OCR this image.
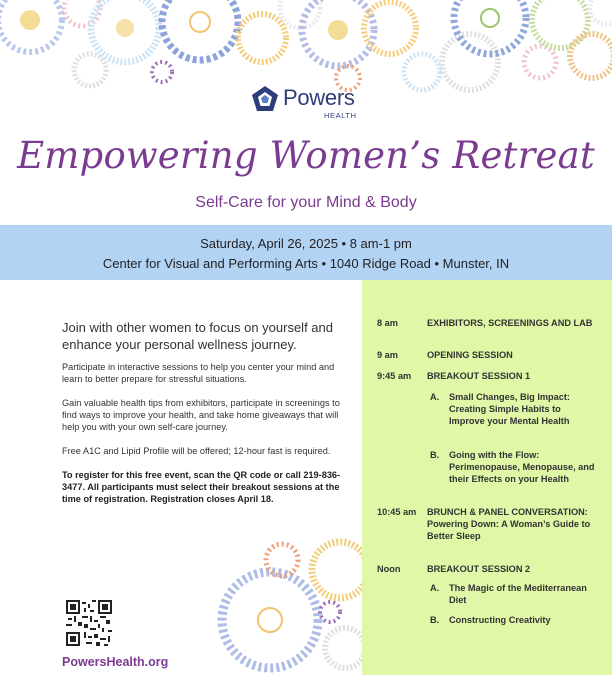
Powers
HEALTH
Empowering Women’s Retreat
Self-Care for your Mind & Body
Saturday, April 26, 2025 • 8 am-1 pm
Center for Visual and Performing Arts • 1040 Ridge Road • Munster, IN

Join with other women to focus on yourself and enhance your personal wellness journey.

Participate in interactive sessions to help you center your mind and learn to better prepare for stressful situations.

Gain valuable health tips from exhibitors, participate in screenings to find ways to improve your health, and take home giveaways that will help you with your own self-care journey.

Free A1C and Lipid Profile will be offered; 12-hour fast is required.

To register for this free event, scan the QR code or call 219-836-3477. All participants must select their breakout sessions at the time of registration. Registration closes April 18.

PowersHealth.org
8 am	EXHIBITORS, SCREENINGS AND LAB
9 am	OPENING SESSION
9:45 am BREAKOUT SESSION 1
A. Small Changes, Big Impact: Creating Simple Habits to Improve your Mental Health
B. Going with the Flow: Perimenopause, Menopause, and their Effects on your Health
10:45 am BRUNCH & PANEL CONVERSATION:
Powering Down: A Woman’s Guide to Better Sleep
Noon	BREAKOUT SESSION 2
A. The Magic of the Mediterranean Diet
B. Constructing Creativity
